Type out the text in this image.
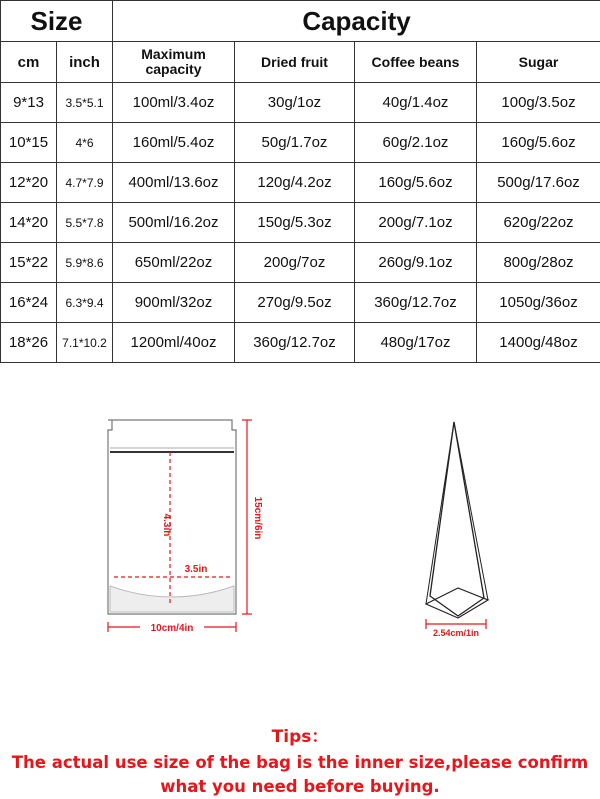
Size		Capacity			
cm	inch	Maximum capacity	Dried fruit	Coffee beans	Sugar
9*13	3.5*5.1	100ml/3.4oz	30g/1oz	40g/1.4oz	100g/3.5oz
10*15	4*6	160ml/5.4oz	50g/1.7oz	60g/2.1oz	160g/5.6oz
12*20	4.7*7.9	400ml/13.6oz	120g/4.2oz	160g/5.6oz	500g/17.6oz
14*20	5.5*7.8	500ml/16.2oz	150g/5.3oz	200g/7.1oz	620g/22oz
15*22	5.9*8.6	650ml/22oz	200g/7oz	260g/9.1oz	800g/28oz
16*24	6.3*9.4	900ml/32oz	270g/9.5oz	360g/12.7oz	1050g/36oz
18*26	7.1*10.2	1200ml/40oz	360g/12.7oz	480g/17oz	1400g/48oz
4.3in
3.5in
15cm/6in
10cm/4in	2.54cm/1in
Tips：
The actual use size of the bag is the inner size,please confirm
what you need before buying.
